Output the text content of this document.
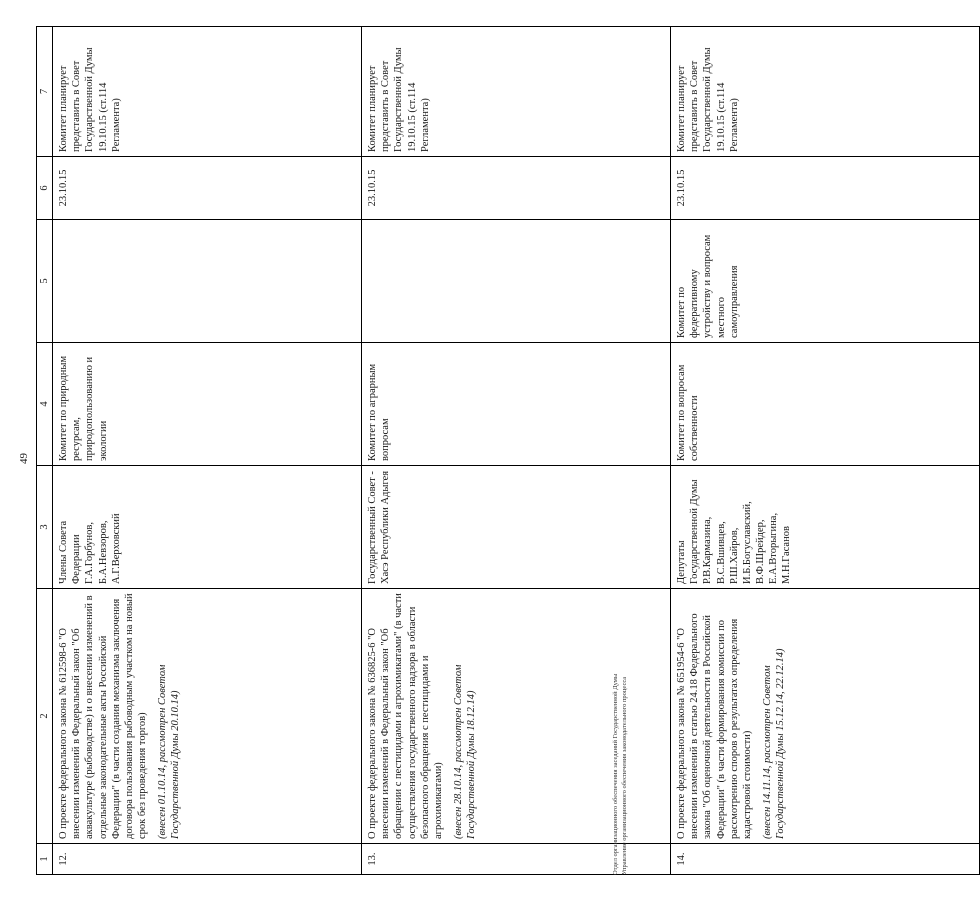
49
1	2	3	4	5	6	7
12.	О проекте федерального закона № 612598-6 "О внесении изменений в Федеральный закон "Об аквакультуре (рыбоводстве) и о внесении изменений в отдельные законодательные акты Российской Федерации" (в части создания механизма заключения договора пользования рыбоводным участком на новый срок без проведения торгов) (внесен 01.10.14, рассмотрен Советом Государственной Думы 20.10.14)	Члены Совета Федерации Г.А.Горбунов, Б.А.Невзоров, А.Г.Верховский	Комитет по природным ресурсам, природопользованию и экологии		23.10.15	Комитет планирует представить в Совет Государственной Думы 19.10.15 (ст.114 Регламента)
13.	О проекте федерального закона № 636825-6 "О внесении изменений в Федеральный закон "Об обращении с пестицидами и агрохимикатами" (в части осуществления государственного надзора в области безопасного обращения с пестицидами и агрохимикатами) (внесен 28.10.14, рассмотрен Советом Государственной Думы 18.12.14)	Государственный Совет - Хасэ Республики Адыгея	Комитет по аграрным вопросам		23.10.15	Комитет планирует представить в Совет Государственной Думы 19.10.15 (ст.114 Регламента)
14.	О проекте федерального закона № 651954-6 "О внесении изменений в статью 24.18 Федерального закона "Об оценочной деятельности в Российской Федерации" (в части формирования комиссии по рассмотрению споров о результатах определения кадастровой стоимости) (внесен 14.11.14, рассмотрен Советом Государственной Думы 15.12.14, 22.12.14)	Депутаты Государственной Думы Р.В.Кармазина, В.С.Вшивцев, Р.Ш.Хайров, И.Б.Богуславский, В.Ф.Шрейдер, Е.А.Вторыгина, М.Н.Гасанов	Комитет по вопросам собственности	Комитет по федеративному устройству и вопросам местного самоуправления	23.10.15	Комитет планирует представить в Совет Государственной Думы 19.10.15 (ст.114 Регламента)
Отдел организационного обеспечения заседаний Государственной Думы Управление организационного обеспечения законодательного процесса
